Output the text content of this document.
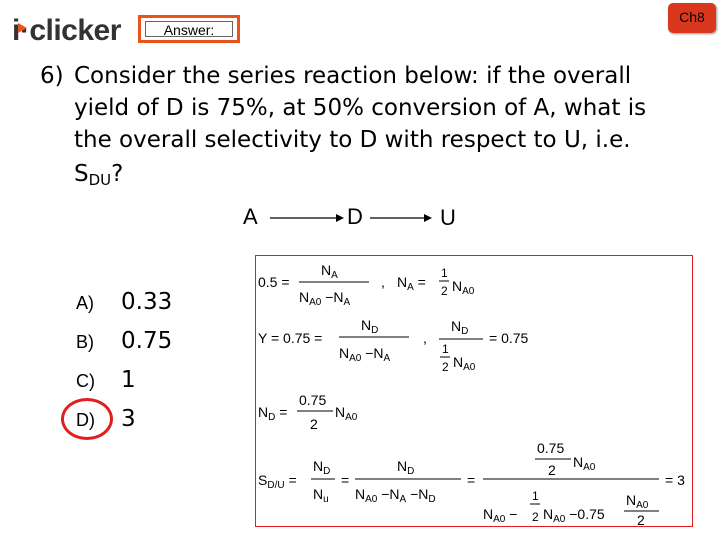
i·clicker	Answer:
Ch8
6) Consider the series reaction below: if the overall
yield of D is 75%, at 50% conversion of A, what is
the overall selectivity to D with respect to U, i.e.
$S_{DU}$?
A	D	U
A) 0.33
B) 0.75
C) 1
D) 3
0.5 =
$N_A$
$N_{A0} -N_A$
, $N_A$ =
1
2 $N_{A0}$
Y = 0.75 =
$N_D$
$N_{A0} -N_A$
,
$N_D$
1
2 $N_{A0}$
= 0.75
$N_D$ =
0.75
2
$N_{A0}$
$S_{D/U}$ =
$N_D$
$N_u$
=
$N_D$
$N_{A0} -N_A -N_D$
=
0.75
2 $N_{A0}$
$N_{A0}$ −
1
2 $N_{A0} -0.75$
$N_{A0}$
2
= 3
